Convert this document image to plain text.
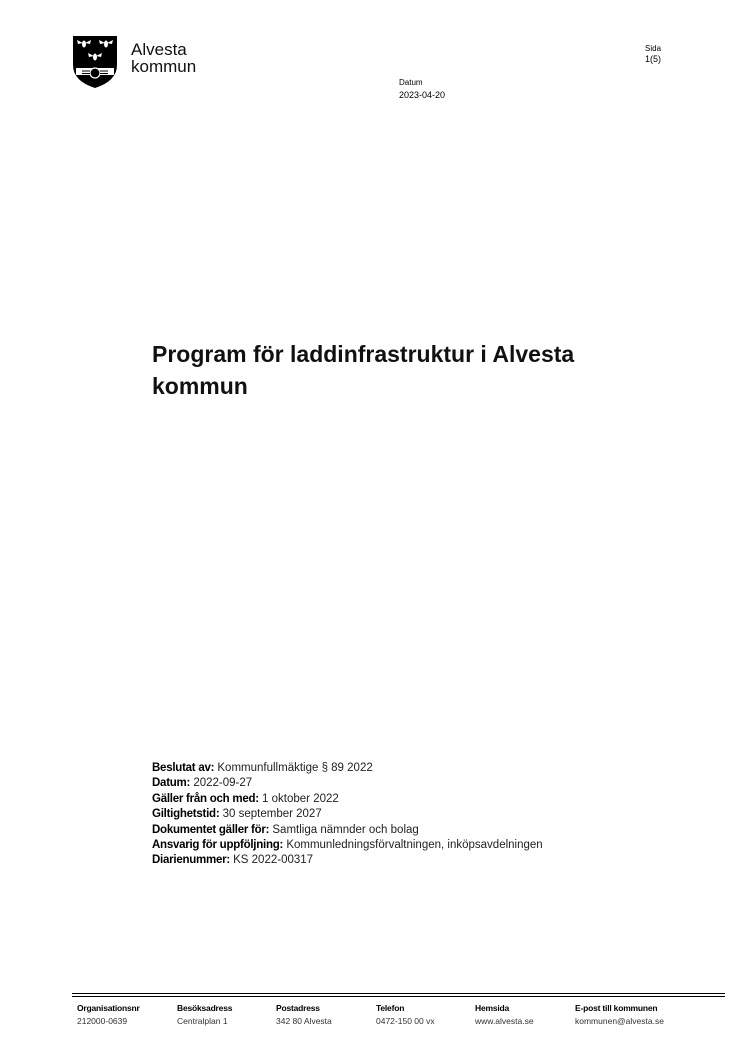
Alvesta
kommun
Sida
1(5)
Datum
2023-04-20
Program för laddinfrastruktur i Alvesta kommun
Beslutat av: Kommunfullmäktige § 89 2022
Datum: 2022-09-27
Gäller från och med: 1 oktober 2022
Giltighetstid: 30 september 2027
Dokumentet gäller för: Samtliga nämnder och bolag
Ansvarig för uppföljning: Kommunledningsförvaltningen, inköpsavdelningen
Diarienummer: KS 2022-00317
Organisationsnr
212000-0639
Besöksadress
Centralplan 1
Postadress
342 80 Alvesta
Telefon
0472-150 00 vx
Hemsida
www.alvesta.se
E-post till kommunen
kommunen@alvesta.se
